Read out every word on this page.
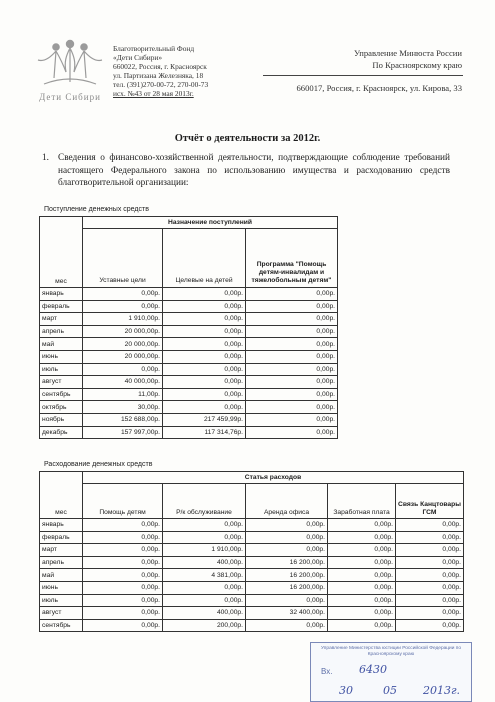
Дети Сибири
Благотворительный Фонд
«Дети Сибири»
660022, Россия, г. Красноярск
ул. Партизана Железняка, 18
тел. (391)270-00-72, 270-00-73
исх. №43 от 28 мая 2013г.
Управление Минюста России
По Красноярскому краю
660017, Россия, г. Красноярск, ул. Кирова, 33
Отчёт о деятельности за 2012г.
1. Сведения о финансово-хозяйственной деятельности, подтверждающие соблюдение требований настоящего Федерального закона по использованию имущества и расходованию средств благотворительной организации:
Поступление денежных средств
мес	Назначение поступлений		
	Уставные цели	Целевые на детей	Программа "Помощь детям-инвалидам и тяжелобольным детям"
январь	0,00р.	0,00р.	0,00р.
февраль	0,00р.	0,00р.	0,00р.
март	1 910,00р.	0,00р.	0,00р.
апрель	20 000,00р.	0,00р.	0,00р.
май	20 000,00р.	0,00р.	0,00р.
июнь	20 000,00р.	0,00р.	0,00р.
июль	0,00р.	0,00р.	0,00р.
август	40 000,00р.	0,00р.	0,00р.
сентябрь	11,00р.	0,00р.	0,00р.
октябрь	30,00р.	0,00р.	0,00р.
ноябрь	152 688,00р.	217 459,99р.	0,00р.
декабрь	157 997,00р.	117 314,76р.	0,00р.
Расходование денежных средств
мес	Статья расходов				
	Помощь детям	Р/к обслуживание	Аренда офиса	Заработная плата	Связь Канцтовары ГСМ
январь	0,00р.	0,00р.	0,00р.	0,00р.	0,00р.
февраль	0,00р.	0,00р.	0,00р.	0,00р.	0,00р.
март	0,00р.	1 910,00р.	0,00р.	0,00р.	0,00р.
апрель	0,00р.	400,00р.	16 200,00р.	0,00р.	0,00р.
май	0,00р.	4 381,00р.	16 200,00р.	0,00р.	0,00р.
июнь	0,00р.	0,00р.	16 200,00р.	0,00р.	0,00р.
июль	0,00р.	0,00р.	0,00р.	0,00р.	0,00р.
август	0,00р.	400,00р.	32 400,00р.	0,00р.	0,00р.
сентябрь	0,00р.	200,00р.	0,00р.	0,00р.	0,00р.
Управление Министерства юстиции Российской Федерации по Красноярскому краю
Вх. 6430
30	05 2013г.
